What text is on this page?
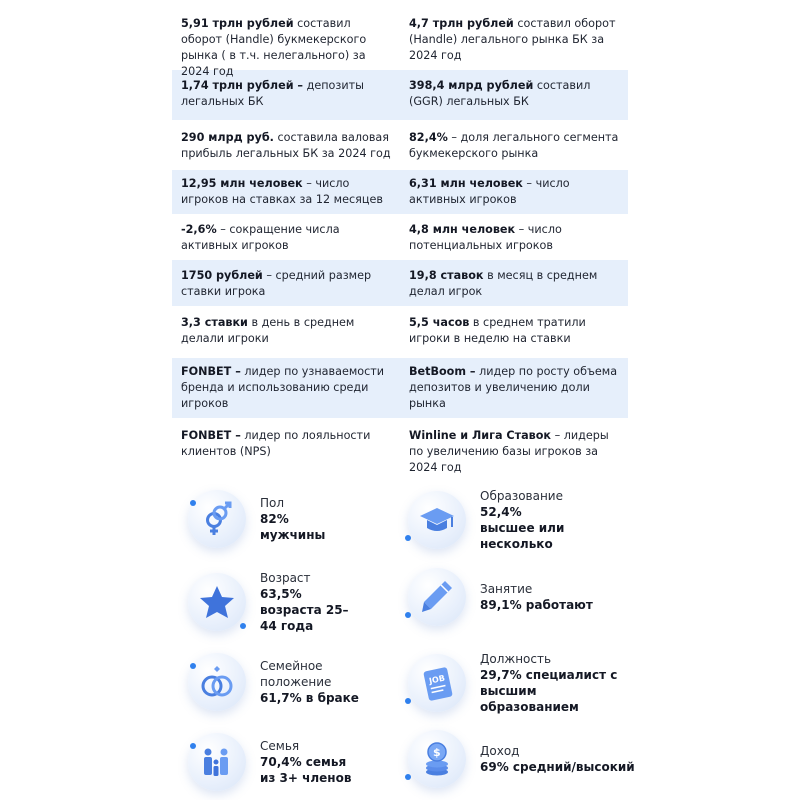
5,91 трлн рублей составил оборот (Handle) букмекерского рынка ( в т.ч. нелегального) за 2024 год
4,7 трлн рублей составил оборот (Handle) легального рынка БК за 2024 год
1,74 трлн рублей – депозиты легальных БК
398,4 млрд рублей составил (GGR) легальных БК
290 млрд руб. составила валовая прибыль легальных БК за 2024 год
82,4% – доля легального сегмента букмекерского рынка
12,95 млн человек – число игроков на ставках за 12 месяцев
6,31 млн человек – число активных игроков
-2,6% – сокращение числа активных игроков
4,8 млн человек – число потенциальных игроков
1750 рублей – средний размер ставки игрока
19,8 ставок в месяц в среднем делал игрок
3,3 ставки в день в среднем делали игроки
5,5 часов в среднем тратили игроки в неделю на ставки
FONBET – лидер по узнаваемости бренда и использованию среди игроков
BetBoom – лидер по росту объема депозитов и увеличению доли рынка
FONBET – лидер по лояльности клиентов (NPS)
Winline и Лига Ставок – лидеры по увеличению базы игроков за 2024 год
Пол
82% мужчины
Образование
52,4% высшее или несколько
Возраст
63,5% возраста 25–44 года
Занятие
89,1% работают
Семейное положение
61,7% в браке
JOB
Должность
29,7% специалист с высшим образованием
Семья
70,4% семья из 3+ членов
$	Доход
69% средний/высокий
